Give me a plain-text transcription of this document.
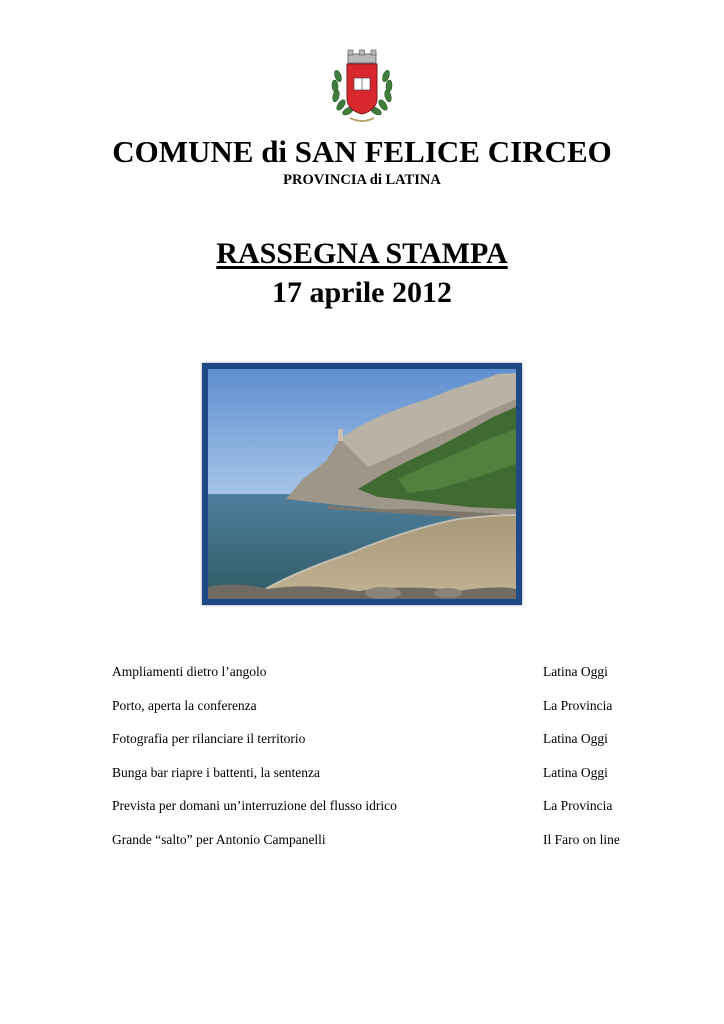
COMUNE di SAN FELICE CIRCEO
PROVINCIA di LATINA
RASSEGNA STAMPA
17 aprile 2012
Ampliamenti dietro l’angolo	Latina Oggi
Porto, aperta la conferenza	La Provincia
Fotografia per rilanciare il territorio	Latina Oggi
Bunga bar riapre i battenti, la sentenza	Latina Oggi
Prevista per domani un’interruzione del flusso idrico	La Provincia
Grande “salto” per Antonio Campanelli	Il Faro on line
